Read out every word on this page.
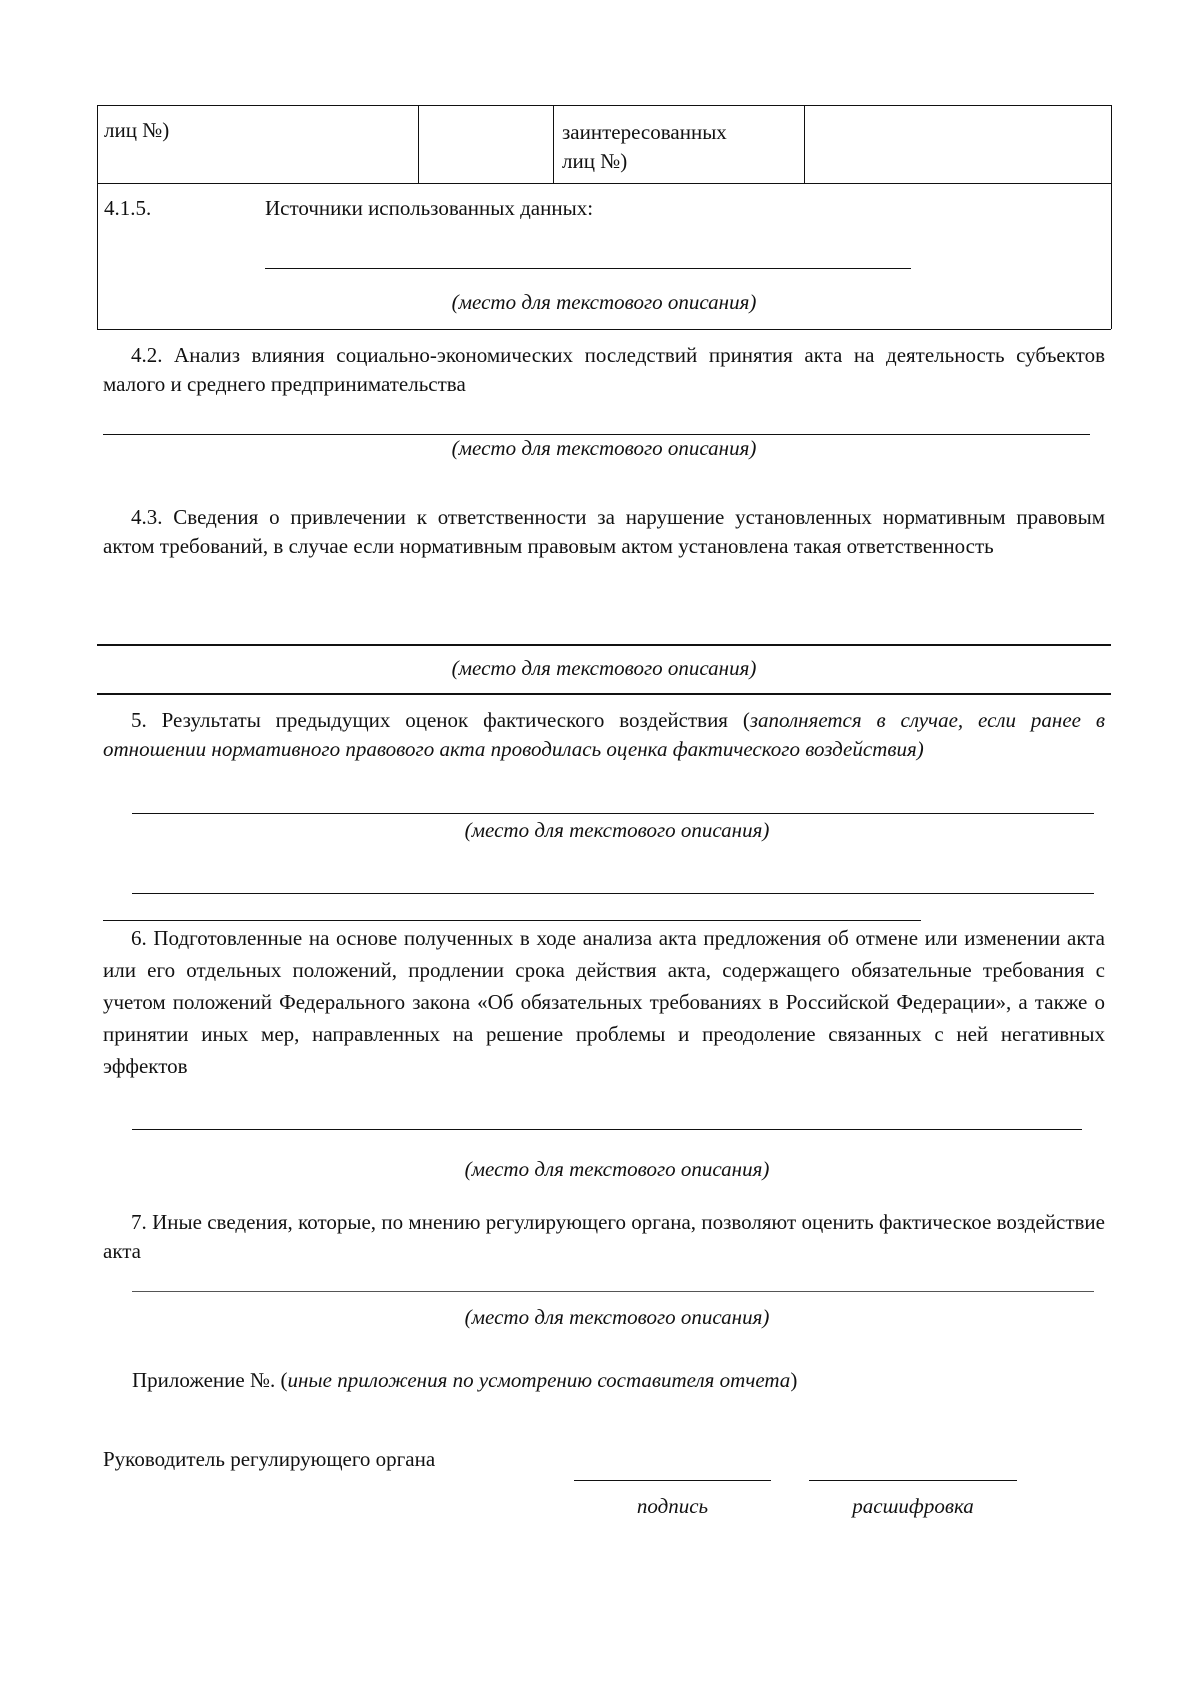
лиц №)	заинтересованных лиц №)
4.1.5.	Источники использованных данных:
(место для текстового описания)
4.2. Анализ влияния социально-экономических последствий принятия акта на деятельность субъектов малого и среднего предпринимательства
(место для текстового описания)
4.3. Сведения о привлечении к ответственности за нарушение установленных нормативным правовым актом требований, в случае если нормативным правовым актом установлена такая ответственность
(место для текстового описания)
5. Результаты предыдущих оценок фактического воздействия (заполняется в случае, если ранее в отношении нормативного правового акта проводилась оценка фактического воздействия)
(место для текстового описания)
6. Подготовленные на основе полученных в ходе анализа акта предложения об отмене или изменении акта или его отдельных положений, продлении срока действия акта, содержащего обязательные требования с учетом положений Федерального закона «Об обязательных требованиях в Российской Федерации», а также о принятии иных мер, направленных на решение проблемы и преодоление связанных с ней негативных эффектов
(место для текстового описания)
7. Иные сведения, которые, по мнению регулирующего органа, позволяют оценить фактическое воздействие акта
(место для текстового описания)
Приложение №. (иные приложения по усмотрению составителя отчета)
Руководитель регулирующего органа
подпись	расшифровка
